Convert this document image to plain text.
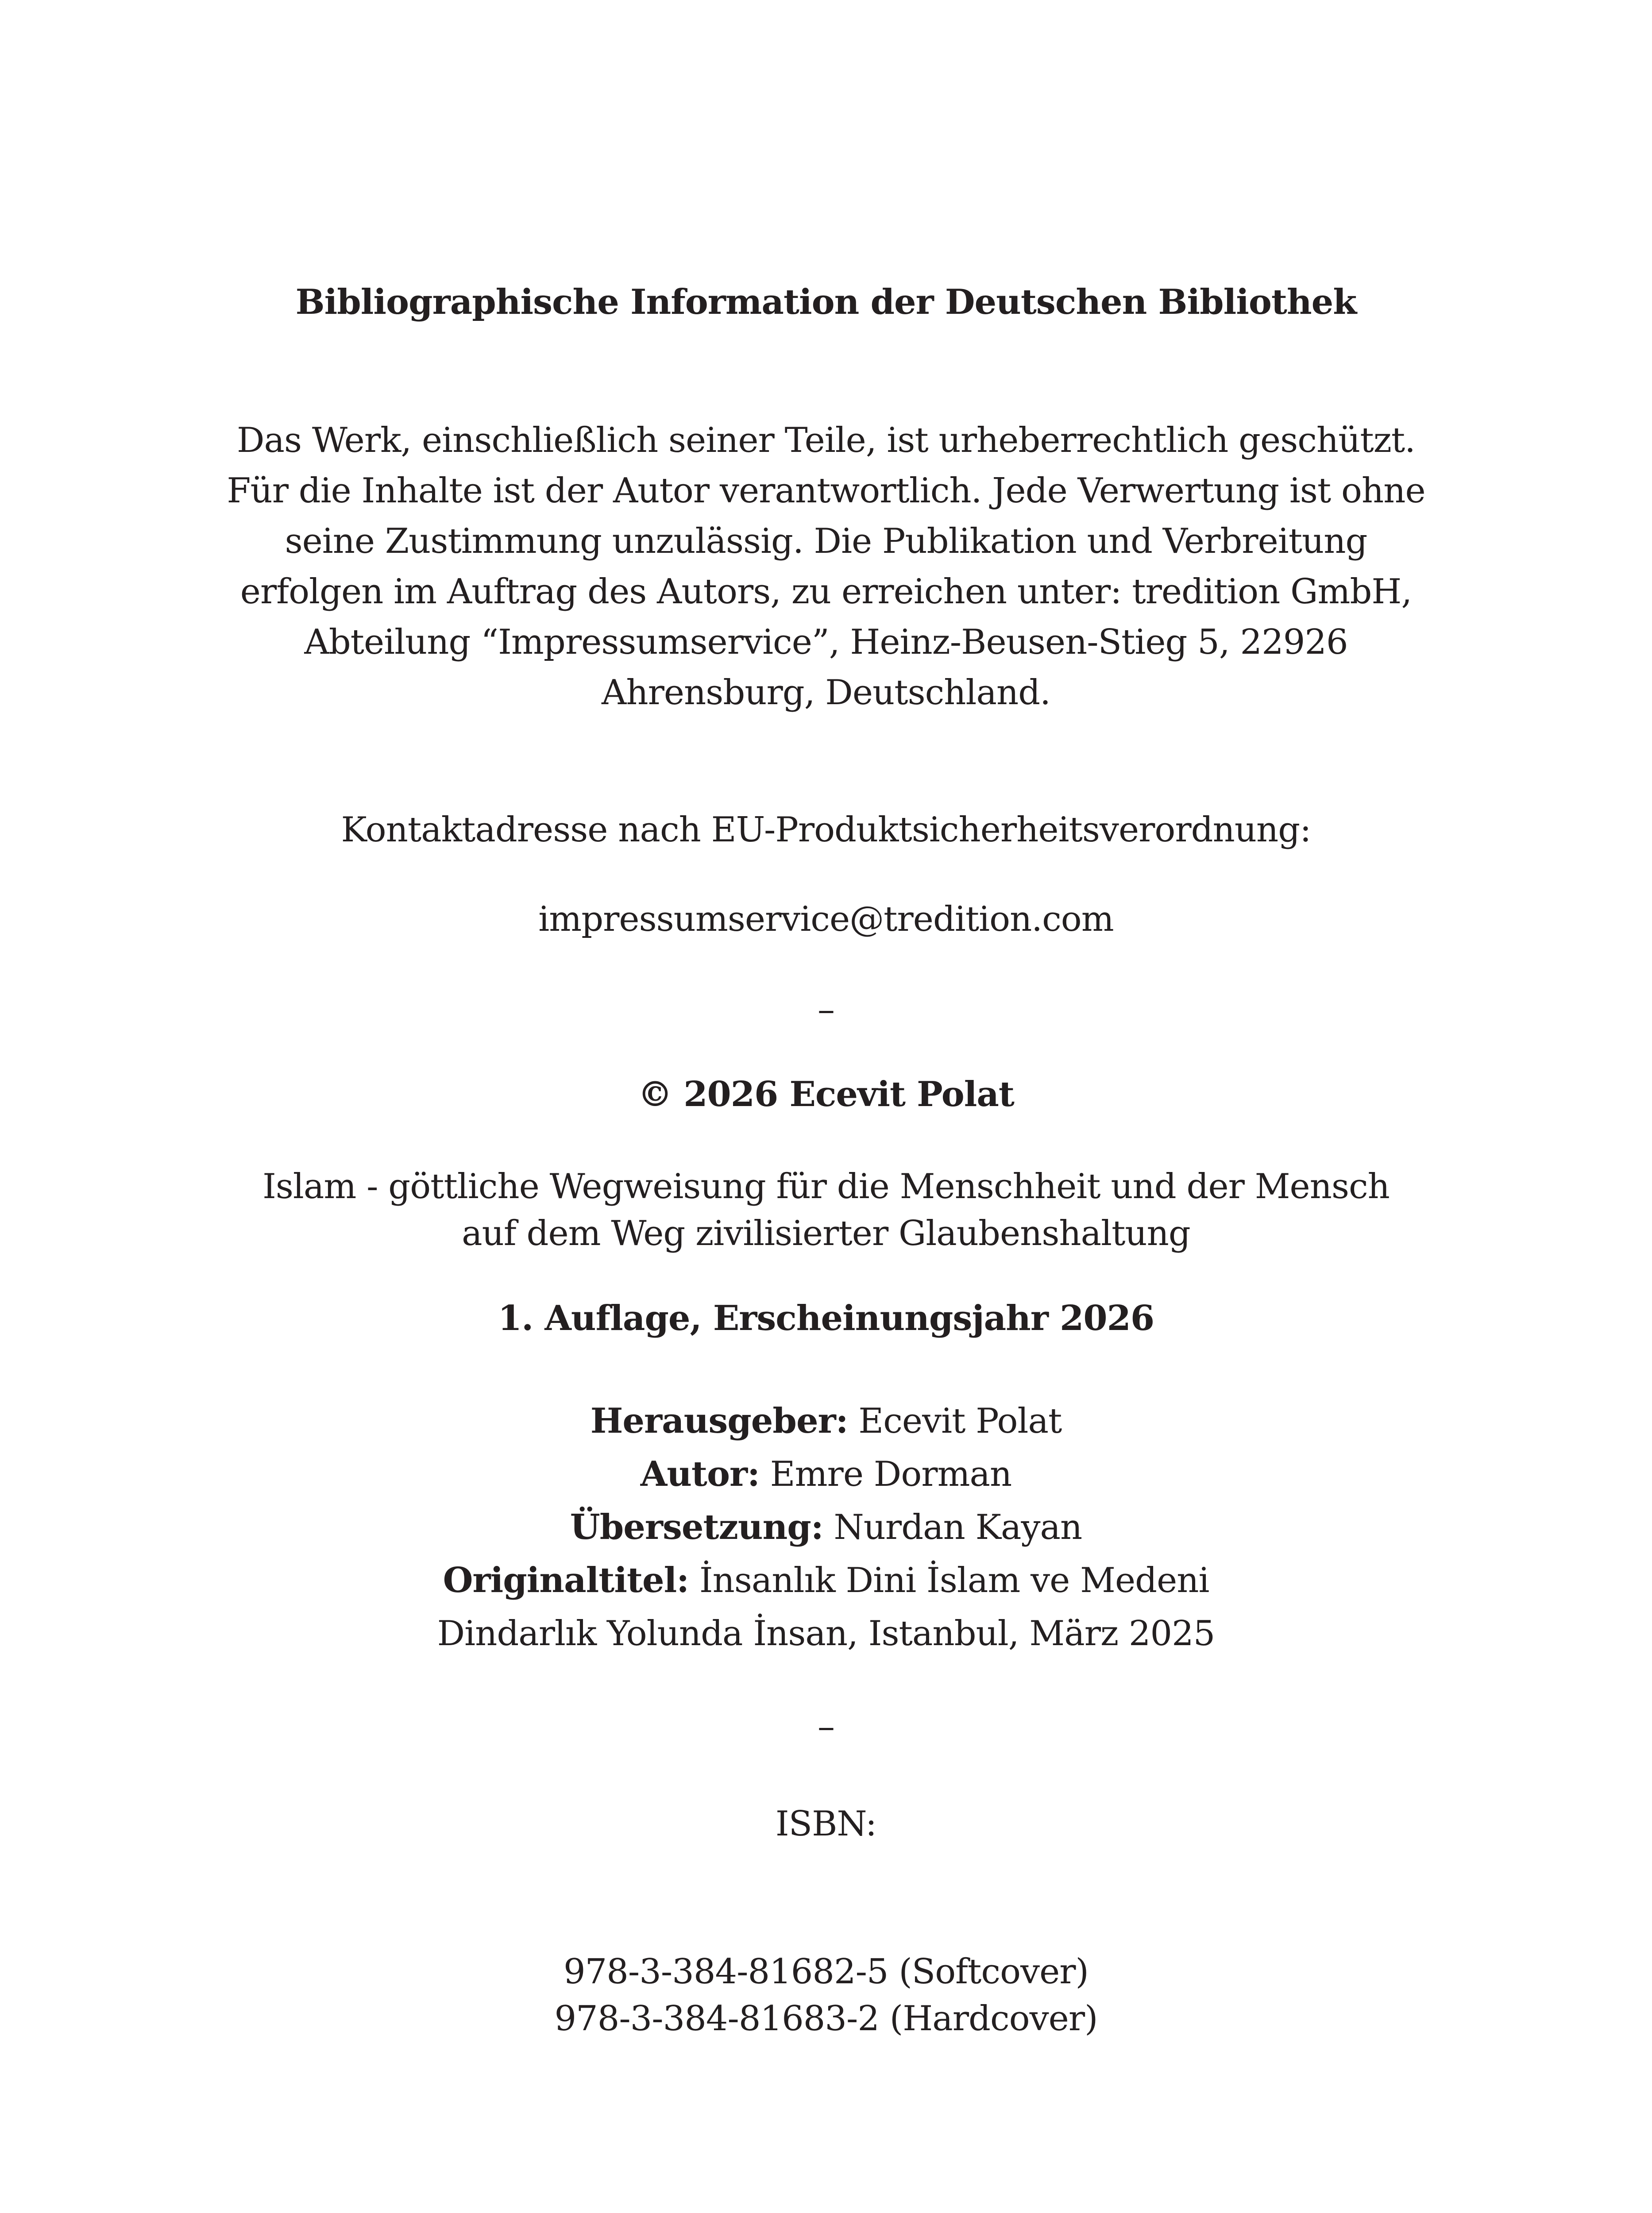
Bibliographische Information der Deutschen Bibliothek
Das Werk, einschließlich seiner Teile, ist urheberrechtlich geschützt.
Für die Inhalte ist der Autor verantwortlich. Jede Verwertung ist ohne
seine Zustimmung unzulässig. Die Publikation und Verbreitung
erfolgen im Auftrag des Autors, zu erreichen unter: tredition GmbH,
Abteilung “Impressumservice”, Heinz-Beusen-Stieg 5, 22926
Ahrensburg, Deutschland.
Kontaktadresse nach EU-Produktsicherheitsverordnung:
impressumservice@tredition.com
–
© 2026 Ecevit Polat
Islam - göttliche Wegweisung für die Menschheit und der Mensch
auf dem Weg zivilisierter Glaubenshaltung
1. Auflage, Erscheinungsjahr 2026
Herausgeber: Ecevit Polat
Autor: Emre Dorman
Übersetzung: Nurdan Kayan
Originaltitel: İnsanlık Dini İslam ve Medeni
Dindarlık Yolunda İnsan, Istanbul, März 2025
–
ISBN:
978-3-384-81682-5 (Softcover)
978-3-384-81683-2 (Hardcover)
